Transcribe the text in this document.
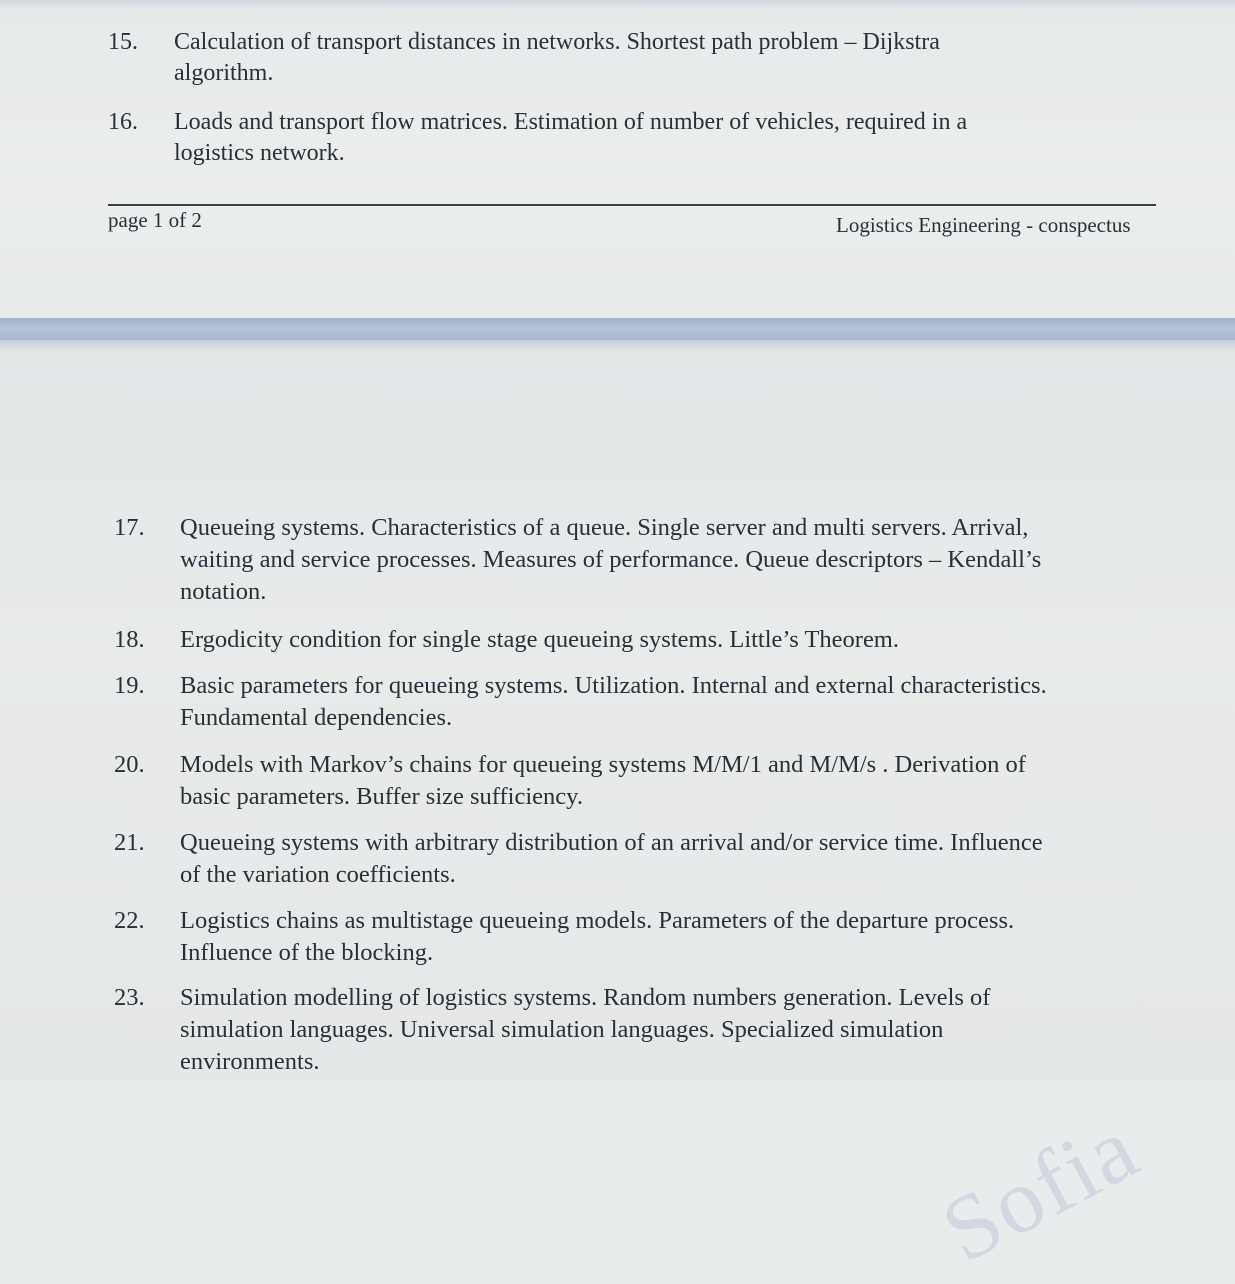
15. Calculation of transport distances in networks. Shortest path problem – Dijkstra
algorithm.
16. Loads and transport flow matrices. Estimation of number of vehicles, required in a
logistics network.
page 1 of 2	Logistics Engineering - conspectus
Sofia
17. Queueing systems. Characteristics of a queue. Single server and multi servers. Arrival,
waiting and service processes. Measures of performance. Queue descriptors – Kendall’s
notation.
18. Ergodicity condition for single stage queueing systems. Little’s Theorem.
19. Basic parameters for queueing systems. Utilization. Internal and external characteristics.
Fundamental dependencies.
20. Models with Markov’s chains for queueing systems M/M/1 and M/M/s . Derivation of
basic parameters. Buffer size sufficiency.
21. Queueing systems with arbitrary distribution of an arrival and/or service time. Influence
of the variation coefficients.
22. Logistics chains as multistage queueing models. Parameters of the departure process.
Influence of the blocking.
23. Simulation modelling of logistics systems. Random numbers generation. Levels of
simulation languages. Universal simulation languages. Specialized simulation
environments.
